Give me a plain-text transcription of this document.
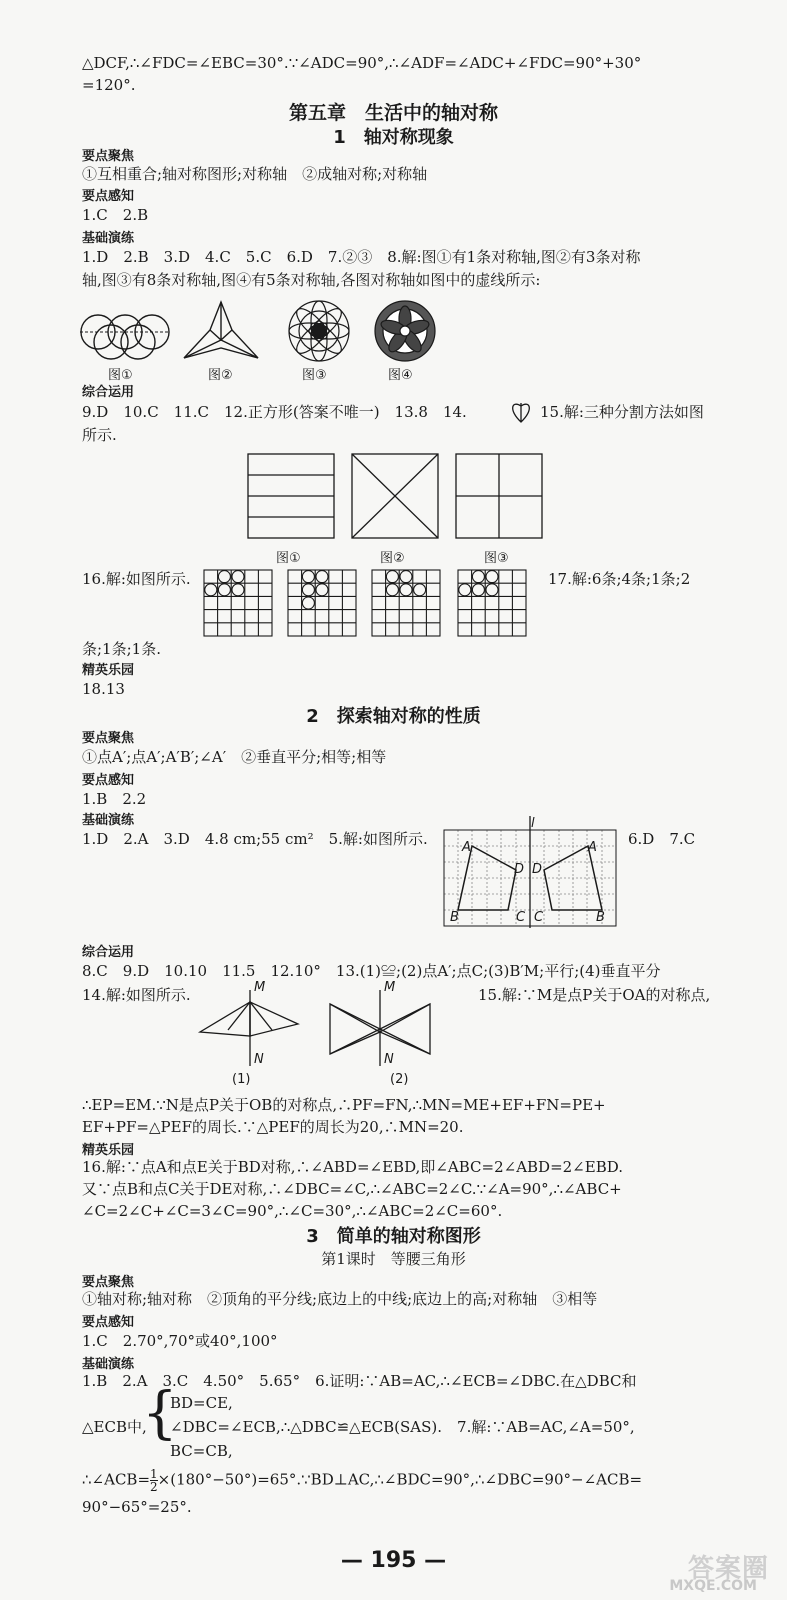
△DCF,∴∠FDC=∠EBC=30°.∵∠ADC=90°,∴∠ADF=∠ADC+∠FDC=90°+30°
=120°.
第五章　生活中的轴对称
1　轴对称现象
要点聚焦
①互相重合;轴对称图形;对称轴　②成轴对称;对称轴
要点感知
1.C　2.B
基础演练
1.D　2.B　3.D　4.C　5.C　6.D　7.②③　8.解:图①有1条对称轴,图②有3条对称
轴,图③有8条对称轴,图④有5条对称轴,各图对称轴如图中的虚线所示:
图①	图②	图③	图④
综合运用
9.D　10.C　11.C　12.正方形(答案不唯一)　13.8　14.	15.解:三种分割方法如图
所示.
图①	图②	图③
16.解:如图所示.	17.解:6条;4条;1条;2
条;1条;1条.
精英乐园
18.13
2　探索轴对称的性质
要点聚焦
①点A′;点A′;A′B′;∠A′　②垂直平分;相等;相等
要点感知
1.B　2.2
基础演练
1.D　2.A　3.D　4.8 cm;55 cm²　5.解:如图所示.	6.D　7.C
l
A	A
D D
B	C C	B
综合运用
8.C　9.D　10.10　11.5　12.10°　13.(1)≌;(2)点A′;点C;(3)B′M;平行;(4)垂直平分
14.解:如图所示.	15.解:∵M是点P关于OA的对称点,
M
N
M
N
(1)	(2)
∴EP=EM.∵N是点P关于OB的对称点,∴PF=FN,∴MN=ME+EF+FN=PE+
EF+PF=△PEF的周长.∵△PEF的周长为20,∴MN=20.
精英乐园
16.解:∵点A和点E关于BD对称,∴∠ABD=∠EBD,即∠ABC=2∠ABD=2∠EBD.
又∵点B和点C关于DE对称,∴∠DBC=∠C,∴∠ABC=2∠C.∵∠A=90°,∴∠ABC+
∠C=2∠C+∠C=3∠C=90°,∴∠C=30°,∴∠ABC=2∠C=60°.
3　简单的轴对称图形
第1课时　等腰三角形
要点聚焦
①轴对称;轴对称　②顶角的平分线;底边上的中线;底边上的高;对称轴　③相等
要点感知
1.C　2.70°,70°或40°,100°
基础演练
1.B　2.A　3.C　4.50°　5.65°　6.证明:∵AB=AC,∴∠ECB=∠DBC.在△DBC和
△ECB中,
{
BD=CE,
∠DBC=∠ECB,∴△DBC≌△ECB(SAS).　7.解:∵AB=AC,∠A=50°,
BC=CB,
∴∠ACB= $\frac{1}{2}$ ×(180°−50°)=65°.∵BD⊥AC,∴∠BDC=90°,∴∠DBC=90°−∠ACB=
90°−65°=25°.
— 195 —	答案圈
MXQE.COM
